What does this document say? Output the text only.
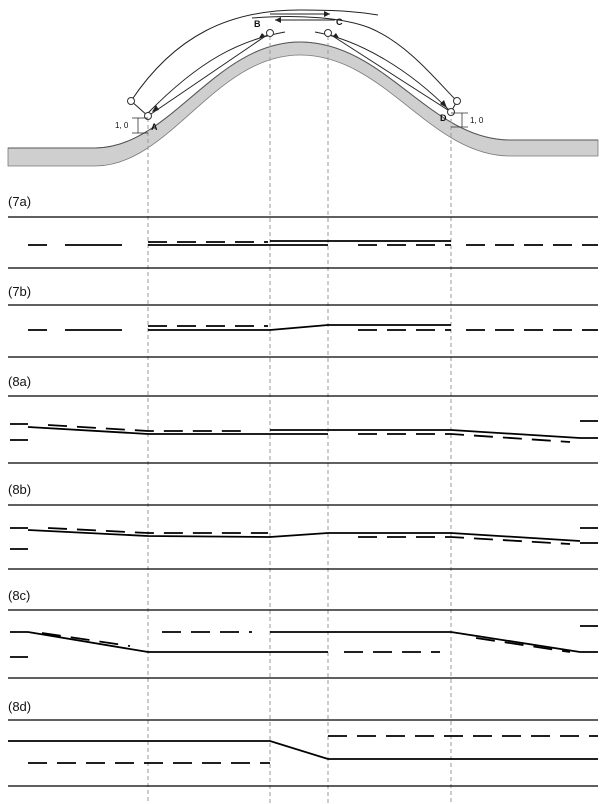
A
B	C
D
1, 0
1, 0
(7a)
(7b)
(8a)
(8b)
(8c)
(8d)
